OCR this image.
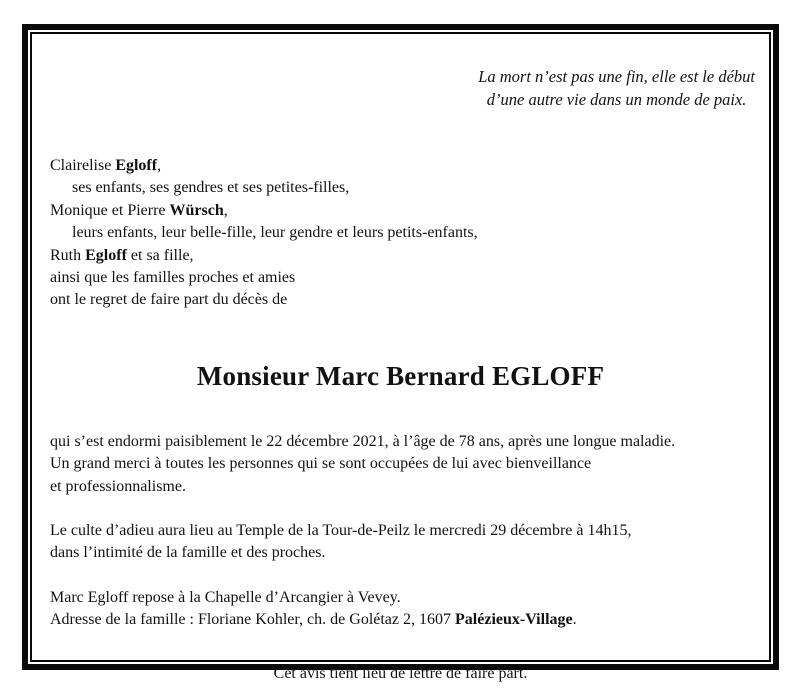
La mort n’est pas une fin, elle est le début
d’une autre vie dans un monde de paix.
Clairelise Egloff,
ses enfants, ses gendres et ses petites-filles,
Monique et Pierre Würsch,
leurs enfants, leur belle-fille, leur gendre et leurs petits-enfants,
Ruth Egloff et sa fille,
ainsi que les familles proches et amies
ont le regret de faire part du décès de
Monsieur Marc Bernard EGLOFF
qui s’est endormi paisiblement le 22 décembre 2021, à l’âge de 78 ans, après une longue maladie.
Un grand merci à toutes les personnes qui se sont occupées de lui avec bienveillance
et professionnalisme.
Le culte d’adieu aura lieu au Temple de la Tour-de-Peilz le mercredi 29 décembre à 14h15,
dans l’intimité de la famille et des proches.
Marc Egloff repose à la Chapelle d’Arcangier à Vevey.
Adresse de la famille : Floriane Kohler, ch. de Golétaz 2, 1607 Palézieux-Village.
Cet avis tient lieu de lettre de faire part.
